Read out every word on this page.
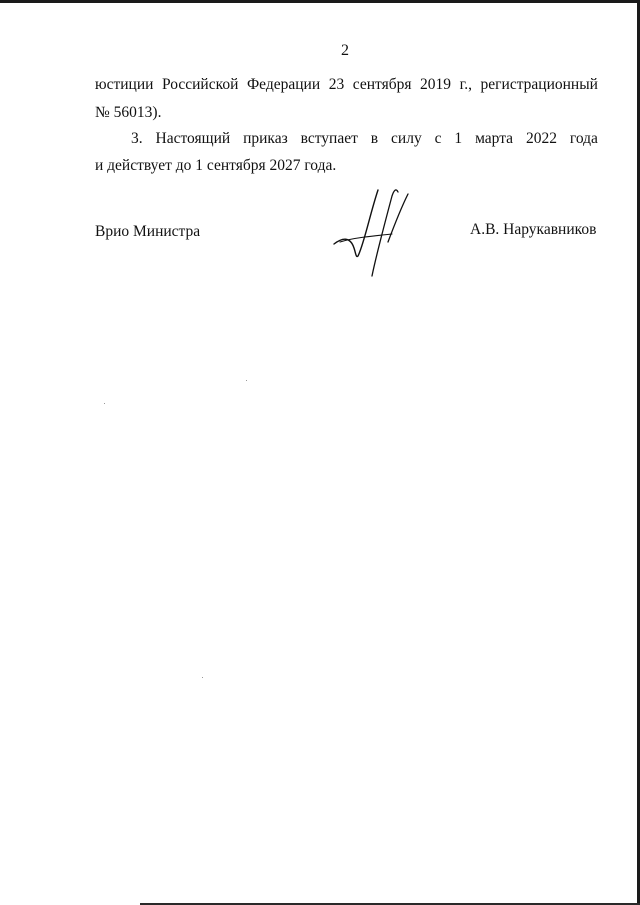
2
юстиции Российской Федерации 23 сентября 2019 г., регистрационный
№ 56013).
3. Настоящий приказ вступает в силу с 1 марта 2022 года
и действует до 1 сентября 2027 года.
Врио Министра	А.В. Нарукавников
